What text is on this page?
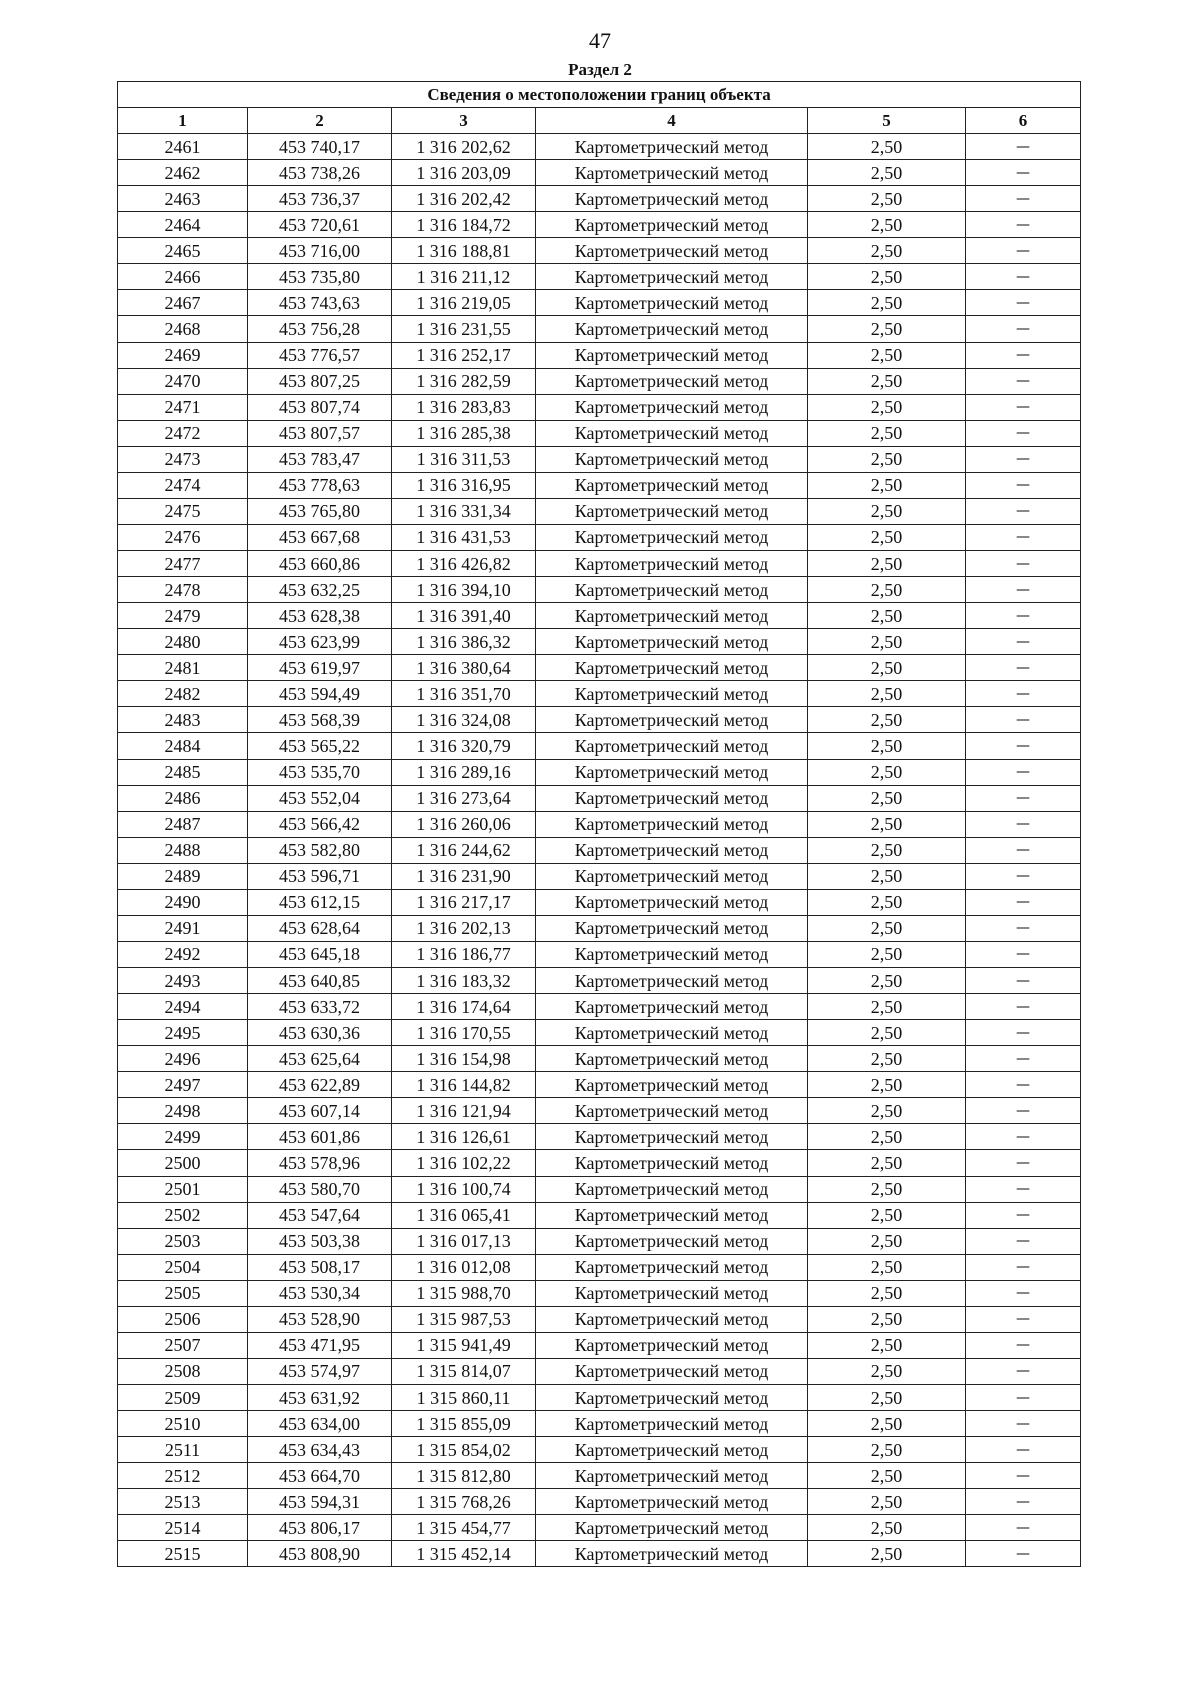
47
Раздел 2
Сведения о местоположении границ объекта					
1	2	3	4	5	6
2461	453 740,17	1 316 202,62	Картометрический метод	2,50	—
2462	453 738,26	1 316 203,09	Картометрический метод	2,50	—
2463	453 736,37	1 316 202,42	Картометрический метод	2,50	—
2464	453 720,61	1 316 184,72	Картометрический метод	2,50	—
2465	453 716,00	1 316 188,81	Картометрический метод	2,50	—
2466	453 735,80	1 316 211,12	Картометрический метод	2,50	—
2467	453 743,63	1 316 219,05	Картометрический метод	2,50	—
2468	453 756,28	1 316 231,55	Картометрический метод	2,50	—
2469	453 776,57	1 316 252,17	Картометрический метод	2,50	—
2470	453 807,25	1 316 282,59	Картометрический метод	2,50	—
2471	453 807,74	1 316 283,83	Картометрический метод	2,50	—
2472	453 807,57	1 316 285,38	Картометрический метод	2,50	—
2473	453 783,47	1 316 311,53	Картометрический метод	2,50	—
2474	453 778,63	1 316 316,95	Картометрический метод	2,50	—
2475	453 765,80	1 316 331,34	Картометрический метод	2,50	—
2476	453 667,68	1 316 431,53	Картометрический метод	2,50	—
2477	453 660,86	1 316 426,82	Картометрический метод	2,50	—
2478	453 632,25	1 316 394,10	Картометрический метод	2,50	—
2479	453 628,38	1 316 391,40	Картометрический метод	2,50	—
2480	453 623,99	1 316 386,32	Картометрический метод	2,50	—
2481	453 619,97	1 316 380,64	Картометрический метод	2,50	—
2482	453 594,49	1 316 351,70	Картометрический метод	2,50	—
2483	453 568,39	1 316 324,08	Картометрический метод	2,50	—
2484	453 565,22	1 316 320,79	Картометрический метод	2,50	—
2485	453 535,70	1 316 289,16	Картометрический метод	2,50	—
2486	453 552,04	1 316 273,64	Картометрический метод	2,50	—
2487	453 566,42	1 316 260,06	Картометрический метод	2,50	—
2488	453 582,80	1 316 244,62	Картометрический метод	2,50	—
2489	453 596,71	1 316 231,90	Картометрический метод	2,50	—
2490	453 612,15	1 316 217,17	Картометрический метод	2,50	—
2491	453 628,64	1 316 202,13	Картометрический метод	2,50	—
2492	453 645,18	1 316 186,77	Картометрический метод	2,50	—
2493	453 640,85	1 316 183,32	Картометрический метод	2,50	—
2494	453 633,72	1 316 174,64	Картометрический метод	2,50	—
2495	453 630,36	1 316 170,55	Картометрический метод	2,50	—
2496	453 625,64	1 316 154,98	Картометрический метод	2,50	—
2497	453 622,89	1 316 144,82	Картометрический метод	2,50	—
2498	453 607,14	1 316 121,94	Картометрический метод	2,50	—
2499	453 601,86	1 316 126,61	Картометрический метод	2,50	—
2500	453 578,96	1 316 102,22	Картометрический метод	2,50	—
2501	453 580,70	1 316 100,74	Картометрический метод	2,50	—
2502	453 547,64	1 316 065,41	Картометрический метод	2,50	—
2503	453 503,38	1 316 017,13	Картометрический метод	2,50	—
2504	453 508,17	1 316 012,08	Картометрический метод	2,50	—
2505	453 530,34	1 315 988,70	Картометрический метод	2,50	—
2506	453 528,90	1 315 987,53	Картометрический метод	2,50	—
2507	453 471,95	1 315 941,49	Картометрический метод	2,50	—
2508	453 574,97	1 315 814,07	Картометрический метод	2,50	—
2509	453 631,92	1 315 860,11	Картометрический метод	2,50	—
2510	453 634,00	1 315 855,09	Картометрический метод	2,50	—
2511	453 634,43	1 315 854,02	Картометрический метод	2,50	—
2512	453 664,70	1 315 812,80	Картометрический метод	2,50	—
2513	453 594,31	1 315 768,26	Картометрический метод	2,50	—
2514	453 806,17	1 315 454,77	Картометрический метод	2,50	—
2515	453 808,90	1 315 452,14	Картометрический метод	2,50	—
